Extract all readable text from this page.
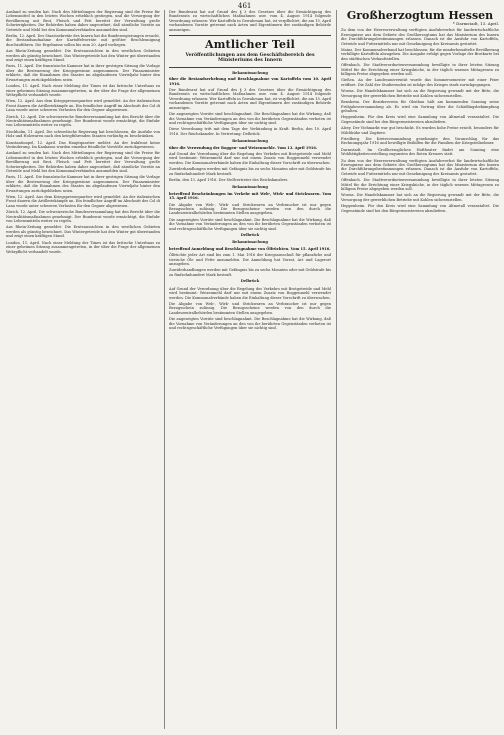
461

Ausland zu senden hat. Nach den Mitteilungen der Regierung sind die Preise für Lebensmittel in den letzten Wochen erheblich gestiegen, und die Versorgung der Bevölkerung mit Brot, Fleisch und Fett bereitet der Verwaltung große Schwierigkeiten. Die Behörden haben daher angeordnet, daß sämtliche Vorräte an Getreide und Mehl bei den Kommunalverbänden anzumelden sind.

Berlin, 12. April. Der Staatssekretär des Innern hat die Bundesregierungen ersucht, die Bestandsaufnahme der Kartoffelvorräte mit größter Beschleunigung durchzuführen. Die Ergebnisse sollen bis zum 20. April vorliegen.

Aus Rhein-Zeitung gemeldet: Die Ernteaussichten in den westlichen Gebieten werden als günstig bezeichnet. Das Wintergetreide hat den Winter gut überstanden und zeigt einen kräftigen Stand.

Paris, 11. April. Die französische Kammer hat in ihrer gestrigen Sitzung die Vorlage über die Besteuerung der Kriegsgewinne angenommen. Der Finanzminister erklärte, daß die Einnahmen des Staates im abgelaufenen Vierteljahr hinter den Erwartungen zurückgeblieben seien.

London, 11. April. Nach einer Meldung der Times ist das britische Unterhaus zu einer geheimen Sitzung zusammengetreten, in der über die Frage der allgemeinen Wehrpflicht verhandelt wurde.

Wien, 12. April. Aus dem Kriegspressequartier wird gemeldet: An der italienischen Front dauern die Artilleriekämpfe an. Ein feindlicher Angriff im Abschnitt des Col di Lana wurde unter schweren Verlusten für den Gegner abgewiesen.

Zürich, 12. April. Die schweizerische Bundesversammlung hat den Bericht über die Neutralitätsmaßnahmen genehmigt. Der Bundesrat wurde ermächtigt, die Einfuhr von Lebensmitteln weiter zu regeln.

Stockholm, 11. April. Die schwedische Regierung hat beschlossen, die Ausfuhr von Holz und Holzwaren nach den kriegführenden Staaten vorläufig zu beschränken.

Konstantinopel, 12. April. Das Hauptquartier meldet: An der Irakfront keine Veränderung. Im Kaukasus wurden einzelne feindliche Vorstöße zurückgewiesen.

Ausland zu senden hat. Nach den Mitteilungen der Regierung sind die Preise für Lebensmittel in den letzten Wochen erheblich gestiegen, und die Versorgung der Bevölkerung mit Brot, Fleisch und Fett bereitet der Verwaltung große Schwierigkeiten. Die Behörden haben daher angeordnet, daß sämtliche Vorräte an Getreide und Mehl bei den Kommunalverbänden anzumelden sind.

Paris, 11. April. Die französische Kammer hat in ihrer gestrigen Sitzung die Vorlage über die Besteuerung der Kriegsgewinne angenommen. Der Finanzminister erklärte, daß die Einnahmen des Staates im abgelaufenen Vierteljahr hinter den Erwartungen zurückgeblieben seien.

Wien, 12. April. Aus dem Kriegspressequartier wird gemeldet: An der italienischen Front dauern die Artilleriekämpfe an. Ein feindlicher Angriff im Abschnitt des Col di Lana wurde unter schweren Verlusten für den Gegner abgewiesen.

Zürich, 12. April. Die schweizerische Bundesversammlung hat den Bericht über die Neutralitätsmaßnahmen genehmigt. Der Bundesrat wurde ermächtigt, die Einfuhr von Lebensmitteln weiter zu regeln.

Aus Rhein-Zeitung gemeldet: Die Ernteaussichten in den westlichen Gebieten werden als günstig bezeichnet. Das Wintergetreide hat den Winter gut überstanden und zeigt einen kräftigen Stand.

London, 11. April. Nach einer Meldung der Times ist das britische Unterhaus zu einer geheimen Sitzung zusammengetreten, in der über die Frage der allgemeinen Wehrpflicht verhandelt wurde.

Der Bundesrat hat auf Grund des § 3 des Gesetzes über die Ermächtigung des Bundesrats zu wirtschaftlichen Maßnahmen usw. vom 4. August 1914 folgende Verordnung erlassen: Wer Kartoffeln in Gewahrsam hat, ist verpflichtet, die am 15. April vorhandenen Vorräte getrennt nach Arten und Eigentümern der zuständigen Behörde anzuzeigen.

Amtlicher Teil
Veröffentlichungen aus dem Geschäftsbereich des Ministeriums des Innern
Bekanntmachung

über die Bestandserhebung und Beschlagnahme von Kartoffeln vom 10. April 1916.

Der Bundesrat hat auf Grund des § 3 des Gesetzes über die Ermächtigung des Bundesrats zu wirtschaftlichen Maßnahmen usw. vom 4. August 1914 folgende Verordnung erlassen: Wer Kartoffeln in Gewahrsam hat, ist verpflichtet, die am 15. April vorhandenen Vorräte getrennt nach Arten und Eigentümern der zuständigen Behörde anzuzeigen.

Die angezeigten Vorräte sind beschlagnahmt. Die Beschlagnahme hat die Wirkung, daß die Vornahme von Veränderungen an den von ihr berührten Gegenständen verboten ist und rechtsgeschäftliche Verfügungen über sie nichtig sind.

Diese Verordnung tritt mit dem Tage der Verkündung in Kraft. Berlin, den 10. April 1916. Der Reichskanzler. In Vertretung: Delbrück.

Bekanntmachung

über die Verwendung der Roggen- und Weizenmehle. Vom 13. April 1916.

Auf Grund der Verordnung über die Regelung des Verkehrs mit Brotgetreide und Mehl wird bestimmt: Weizenmehl darf nur mit einem Zusatz von Roggenmehl verwendet werden. Die Kommunalverbände haben die Einhaltung dieser Vorschrift zu überwachen.

Zuwiderhandlungen werden mit Gefängnis bis zu sechs Monaten oder mit Geldstrafe bis zu fünfzehnhundert Mark bestraft.

Berlin, den 13. April 1916. Der Stellvertreter des Reichskanzlers.

Bekanntmachung

betreffend Beschränkungen im Verkehr mit Web-, Wirk- und Strickwaren. Vom 15. April 1916.

Die Abgabe von Web-, Wirk- und Strickwaren an Verbraucher ist nur gegen Bezugsschein zulässig. Die Bezugsscheine werden von den durch die Landeszentralbehörden bestimmten Stellen ausgegeben.

Die angezeigten Vorräte sind beschlagnahmt. Die Beschlagnahme hat die Wirkung, daß die Vornahme von Veränderungen an den von ihr berührten Gegenständen verboten ist und rechtsgeschäftliche Verfügungen über sie nichtig sind.

Delbrück
Bekanntmachung

betreffend Anmeldung und Beschlagnahme von Ölfrüchten. Vom 15. April 1916.

Ölfrüchte jeder Art sind bis zum 1. Mai 1916 der Kriegsausschuß für pflanzliche und tierische Öle und Fette anzumelden. Die Anmeldung hat Vorrat, Art und Lagerort anzugeben.

Zuwiderhandlungen werden mit Gefängnis bis zu sechs Monaten oder mit Geldstrafe bis zu fünfzehnhundert Mark bestraft.

Delbrück

Auf Grund der Verordnung über die Regelung des Verkehrs mit Brotgetreide und Mehl wird bestimmt: Weizenmehl darf nur mit einem Zusatz von Roggenmehl verwendet werden. Die Kommunalverbände haben die Einhaltung dieser Vorschrift zu überwachen.

Die Abgabe von Web-, Wirk- und Strickwaren an Verbraucher ist nur gegen Bezugsschein zulässig. Die Bezugsscheine werden von den durch die Landeszentralbehörden bestimmten Stellen ausgegeben.

Die angezeigten Vorräte sind beschlagnahmt. Die Beschlagnahme hat die Wirkung, daß die Vornahme von Veränderungen an den von ihr berührten Gegenständen verboten ist und rechtsgeschäftliche Verfügungen über sie nichtig sind.

Großherzogtum Hessen
* Darmstadt, 13. April.

Zu dem von der Heeresverwaltung verfügten Ausfuhrverbot für landwirtschaftliche Erzeugnisse aus dem Gebiete des Großherzogtums hat das Ministerium des Innern die Durchführungsbestimmungen erlassen. Danach ist die Ausfuhr von Kartoffeln, Getreide und Futtermitteln nur mit Genehmigung des Kreisamts gestattet.

Mainz. Der Kommunalverband hat beschlossen, für die minderbemittelte Bevölkerung verbilligte Kartoffeln abzugeben. Die Ausgabe erfolgt gegen Vorlage der Brotkarte bei den städtischen Verkaufsstellen.

Offenbach. Die Stadtverordnetenversammlung bewilligte in ihrer letzten Sitzung Mittel für die Errichtung einer Kriegsküche, in der täglich warmes Mittagessen zu billigem Preise abgegeben werden soll.

Gießen. An der Landesuniversität wurde das Sommersemester mit einer Feier eröffnet. Die Zahl der Studierenden ist infolge des Krieges stark zurückgegangen.

Worms. Die Handelskammer hat sich an die Regierung gewandt mit der Bitte, die Versorgung der gewerblichen Betriebe mit Kohlen sicherzustellen.

Bensheim. Der Bezirksverein für Obstbau hält am kommenden Sonntag seine Frühjahrsversammlung ab. Es wird ein Vortrag über die Schädlingsbekämpfung gehalten.

Heppenheim. Für den Kreis wird eine Sammlung von Altmetall veranstaltet. Die Gegenstände sind bei den Bürgermeistereien abzuliefern.

Alzey. Der Viehmarkt war gut beschickt. Es wurden hohe Preise erzielt, besonders für Milchkühe und Zugtiere.

Friedberg. Die Kreisversammlung genehmigte den Voranschlag für das Rechnungsjahr 1916 und bewilligte Beihilfen für die Familien der Kriegsteilnehmer.

Darmstadt. Im Großherzoglichen Hoftheater findet am Sonntag eine Wohltätigkeitsvorstellung zugunsten des Roten Kreuzes statt.

Zu dem von der Heeresverwaltung verfügten Ausfuhrverbot für landwirtschaftliche Erzeugnisse aus dem Gebiete des Großherzogtums hat das Ministerium des Innern die Durchführungsbestimmungen erlassen. Danach ist die Ausfuhr von Kartoffeln, Getreide und Futtermitteln nur mit Genehmigung des Kreisamts gestattet.

Offenbach. Die Stadtverordnetenversammlung bewilligte in ihrer letzten Sitzung Mittel für die Errichtung einer Kriegsküche, in der täglich warmes Mittagessen zu billigem Preise abgegeben werden soll.

Worms. Die Handelskammer hat sich an die Regierung gewandt mit der Bitte, die Versorgung der gewerblichen Betriebe mit Kohlen sicherzustellen.

Heppenheim. Für den Kreis wird eine Sammlung von Altmetall veranstaltet. Die Gegenstände sind bei den Bürgermeistereien abzuliefern.
